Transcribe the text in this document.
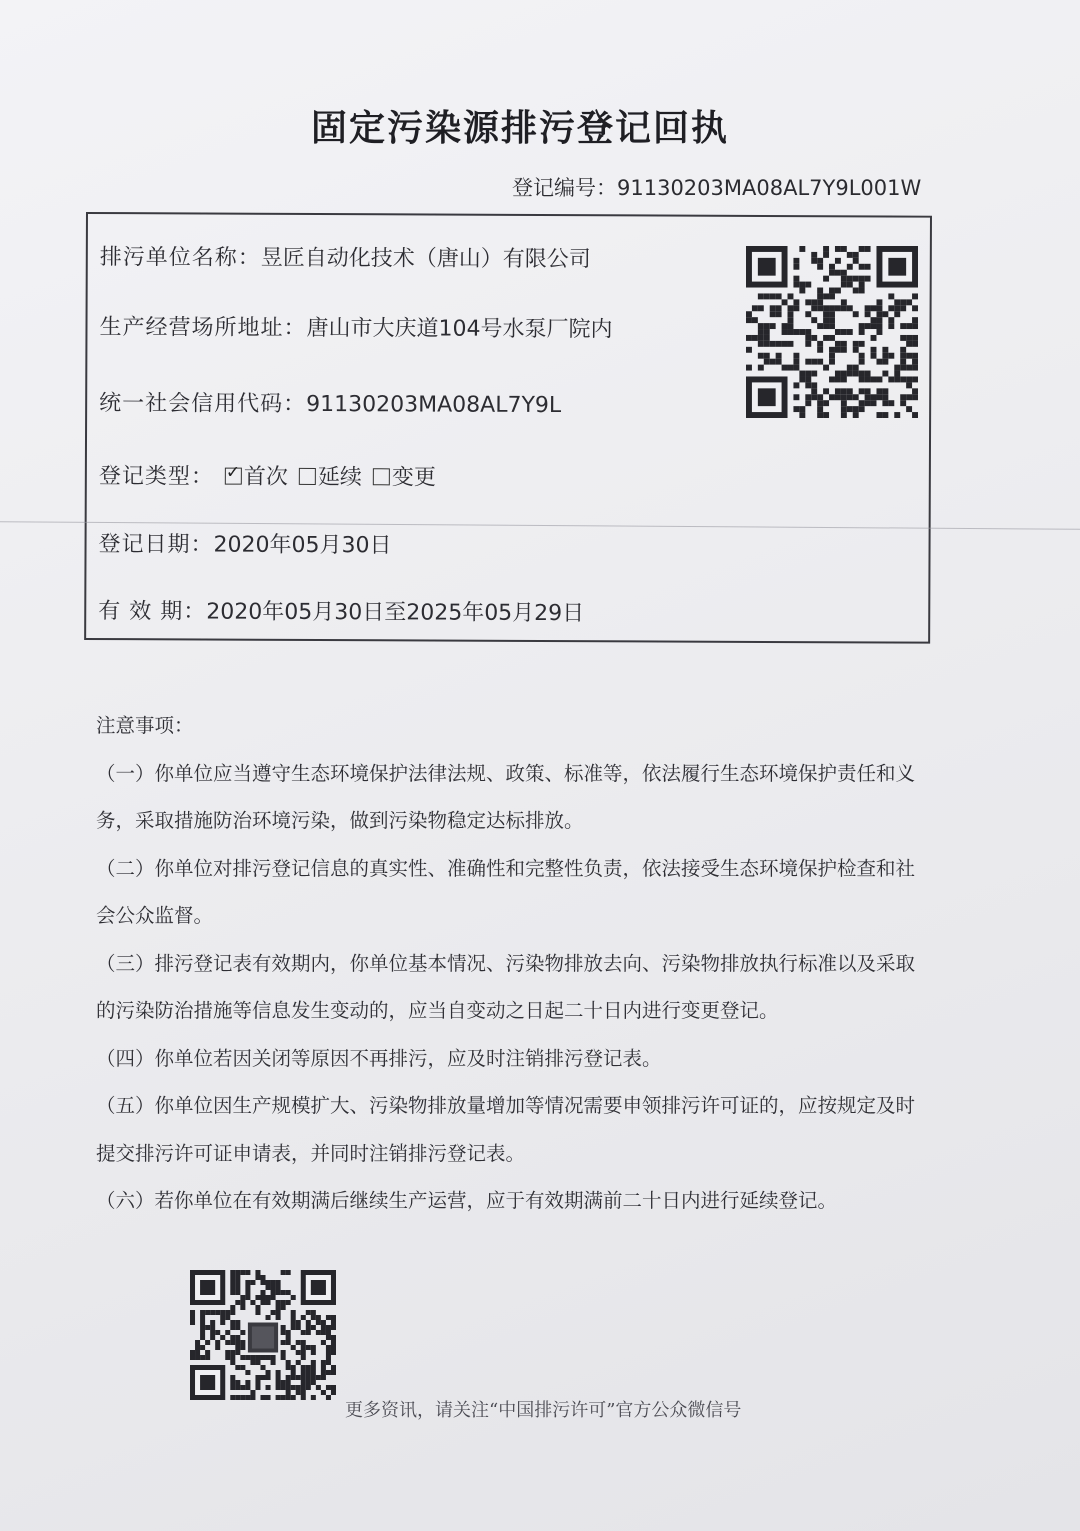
固定污染源排污登记回执
登记编号：91130203MA08AL7Y9L001W
排污单位名称：昱匠自动化技术（唐山）有限公司
生产经营场所地址：唐山市大庆道104号水泵厂院内
统一社会信用代码：91130203MA08AL7Y9L
登记类型： ✓ 首次 延续 变更
登记日期：2020年05月30日
有 效 期：2020年05月30日至2025年05月29日
注意事项：

（一）你单位应当遵守生态环境保护法律法规、政策、标准等，依法履行生态环境保护责任和义务，采取措施防治环境污染，做到污染物稳定达标排放。

（二）你单位对排污登记信息的真实性、准确性和完整性负责，依法接受生态环境保护检查和社会公众监督。

（三）排污登记表有效期内，你单位基本情况、污染物排放去向、污染物排放执行标准以及采取的污染防治措施等信息发生变动的，应当自变动之日起二十日内进行变更登记。

（四）你单位若因关闭等原因不再排污，应及时注销排污登记表。

（五）你单位因生产规模扩大、污染物排放量增加等情况需要申领排污许可证的，应按规定及时提交排污许可证申请表，并同时注销排污登记表。

（六）若你单位在有效期满后继续生产运营，应于有效期满前二十日内进行延续登记。

更多资讯，请关注“中国排污许可”官方公众微信号
